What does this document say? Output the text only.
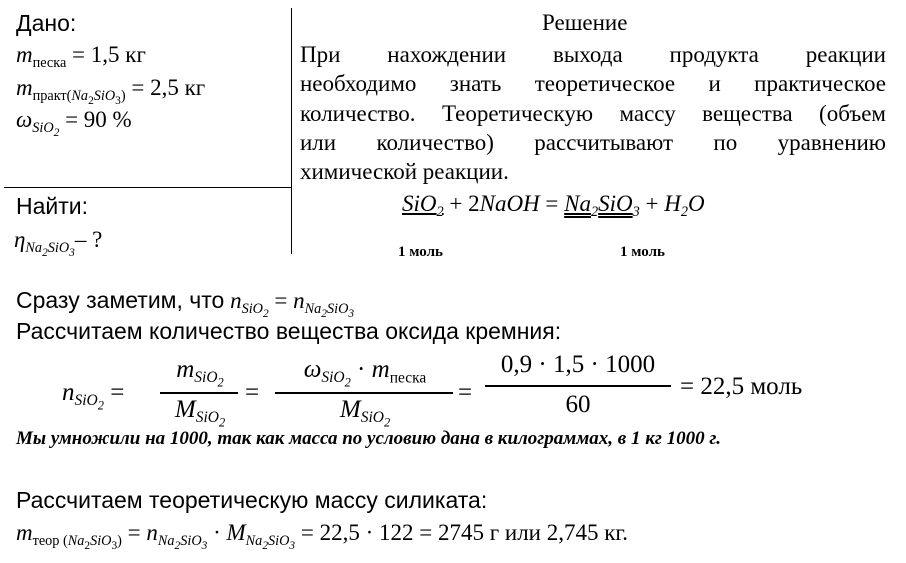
Дано:
$m_{песка} = 1,5$ кг
$m_{практ(Na_2SiO_3)} = 2,5$ кг
$\omega_{SiO_2} = 90$ %
Найти:
$\eta_{Na_2SiO_3}-$ ?
Решение
При нахождении выхода продукта реакции
необходимо знать теоретическое и практическое
количество. Теоретическую массу вещества (объем
или количество) рассчитывают по уравнению
химической реакции.
SiO$_2$ + 2NaOH = $Na_2SiO_3 + H_2O$
1 моль	1 моль
Сразу заметим, что $n_{SiO_2} = n_{Na_2SiO_3}$
Рассчитаем количество вещества оксида кремния:
$n_{SiO_2}$ =
$m_{SiO_2}$
$M_{SiO_2}$
=
$\omega_{SiO_2} \cdot m_{песка}$
$M_{SiO_2}$
=
0,9 · 1,5 · 1000
60
= 22,5 моль
Мы умножили на 1000, так как масса по условию дана в килограммах, в 1 кг 1000 г.
Рассчитаем теоретическую массу силиката:
$m_{теор (Na_2SiO_3)} = n_{Na_2SiO_3} \cdot M_{Na_2SiO_3} = 22,5 \cdot 122 = 2745$ г или 2,745 кг.
